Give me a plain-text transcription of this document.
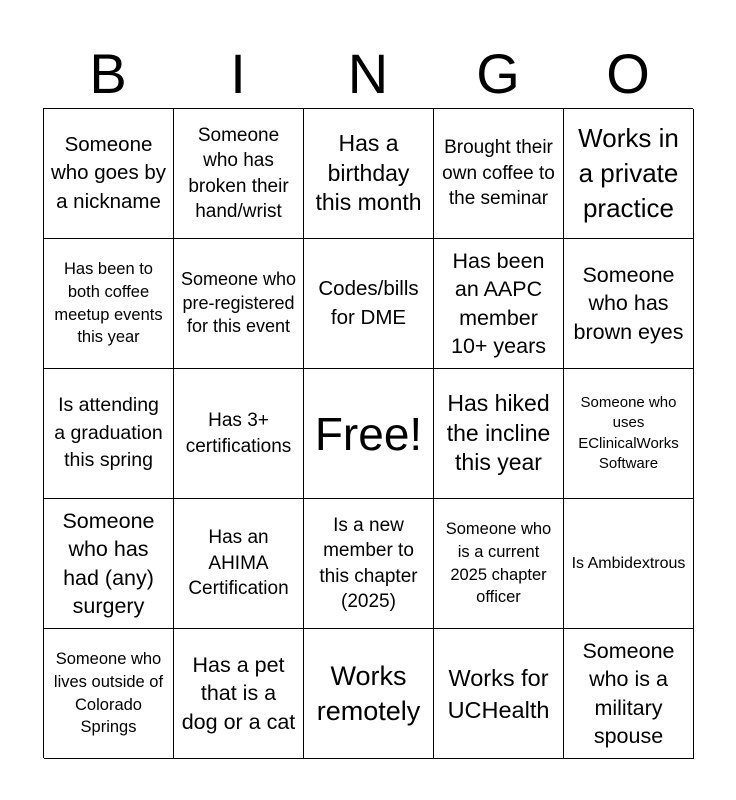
B	I	N	G	O
Someone who goes by a nickname
Someone who has broken their hand/wrist
Has a birthday this month
Brought their own coffee to the seminar
Works in a private practice
Has been to both coffee meetup events this year
Someone who pre-registered for this event
Codes/bills for DME
Has been an AAPC member 10+ years
Someone who has brown eyes
Is attending a graduation this spring
Has 3+ certifications Free!
Has hiked the incline this year
Someone who uses EClinicalWorks Software
Someone who has had (any) surgery
Has an AHIMA Certification
Is a new member to this chapter (2025)
Someone who is a current 2025 chapter officer
Is Ambidextrous
Someone who lives outside of Colorado Springs
Has a pet that is a dog or a cat
Works remotely
Works for UCHealth
Someone who is a military spouse
